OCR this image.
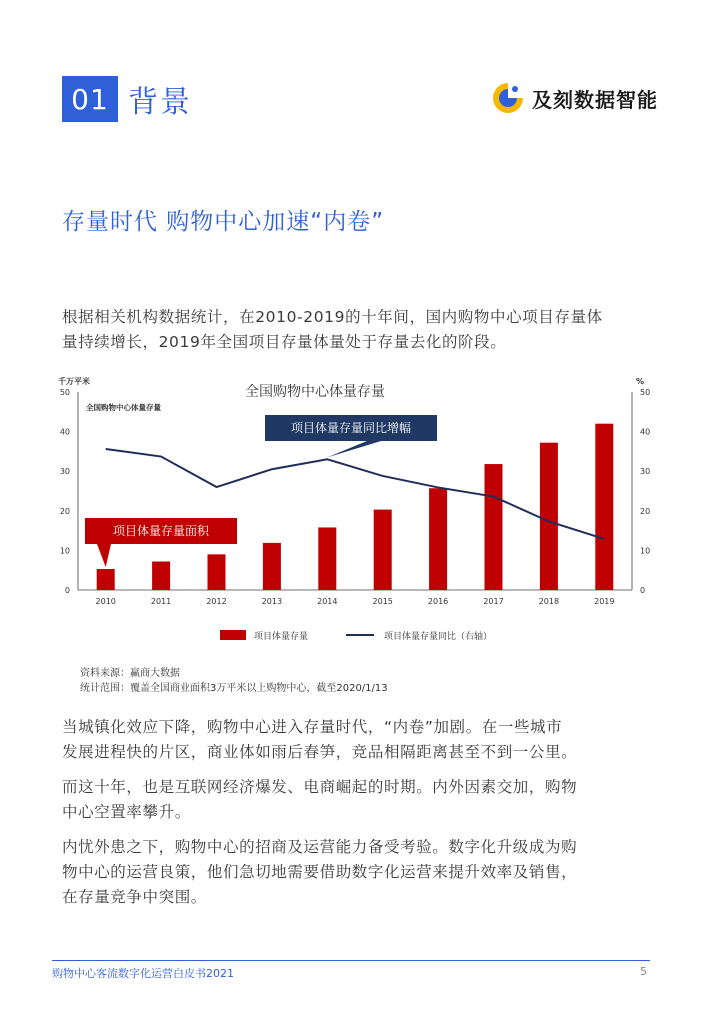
01 背景	及刻数据智能
存量时代 购物中心加速“内卷”
根据相关机构数据统计，在2010-2019的十年间，国内购物中心项目存量体
量持续增长，2019年全国项目存量体量处于存量去化的阶段。
0	0
10	10
20	20
30	30
40	40
50	50
千万平米	%
全国购物中心体量存量
全国购物中心体量存量
2010	2011	2012	2013	2014	2015	2016	2017	2018	2019
项目体量存量同比增幅
项目体量存量面积
项目体量存量	项目体量存量同比（右轴）
资料来源：赢商大数据
统计范围：覆盖全国商业面积3万平米以上购物中心，截至2020/1/13
当城镇化效应下降，购物中心进入存量时代，“内卷”加剧。在一些城市
发展进程快的片区，商业体如雨后春笋，竞品相隔距离甚至不到一公里。
而这十年，也是互联网经济爆发、电商崛起的时期。内外因素交加，购物
中心空置率攀升。
内忧外患之下，购物中心的招商及运营能力备受考验。数字化升级成为购
物中心的运营良策，他们急切地需要借助数字化运营来提升效率及销售，
在存量竞争中突围。
购物中心客流数字化运营白皮书2021	5
